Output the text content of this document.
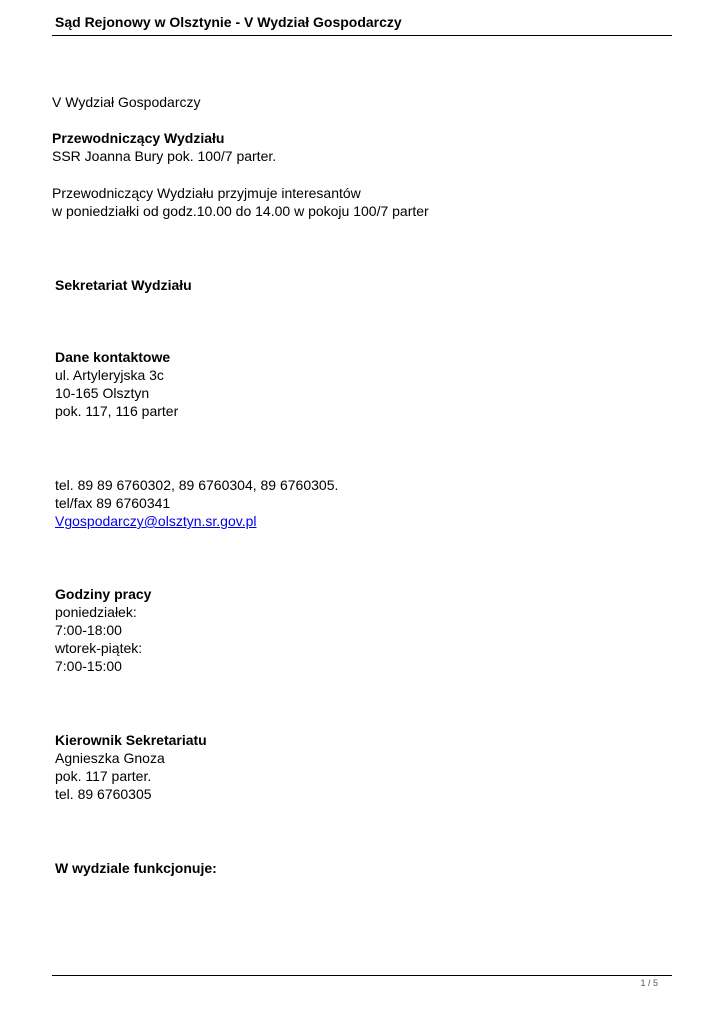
Sąd Rejonowy w Olsztynie - V Wydział Gospodarczy
V Wydział Gospodarczy
Przewodniczący Wydziału
SSR Joanna Bury pok. 100/7 parter.
Przewodniczący Wydziału przyjmuje interesantów
w poniedziałki od godz.10.00 do 14.00 w pokoju 100/7 parter
Sekretariat Wydziału
Dane kontaktowe
ul. Artyleryjska 3c
10-165 Olsztyn
pok. 117, 116 parter
tel. 89 89 6760302, 89 6760304, 89 6760305.
tel/fax 89 6760341
Vgospodarczy@olsztyn.sr.gov.pl
Godziny pracy
poniedziałek:
7:00-18:00
wtorek-piątek:
7:00-15:00
Kierownik Sekretariatu
Agnieszka Gnoza
pok. 117 parter.
tel. 89 6760305
W wydziale funkcjonuje:
1 / 5
